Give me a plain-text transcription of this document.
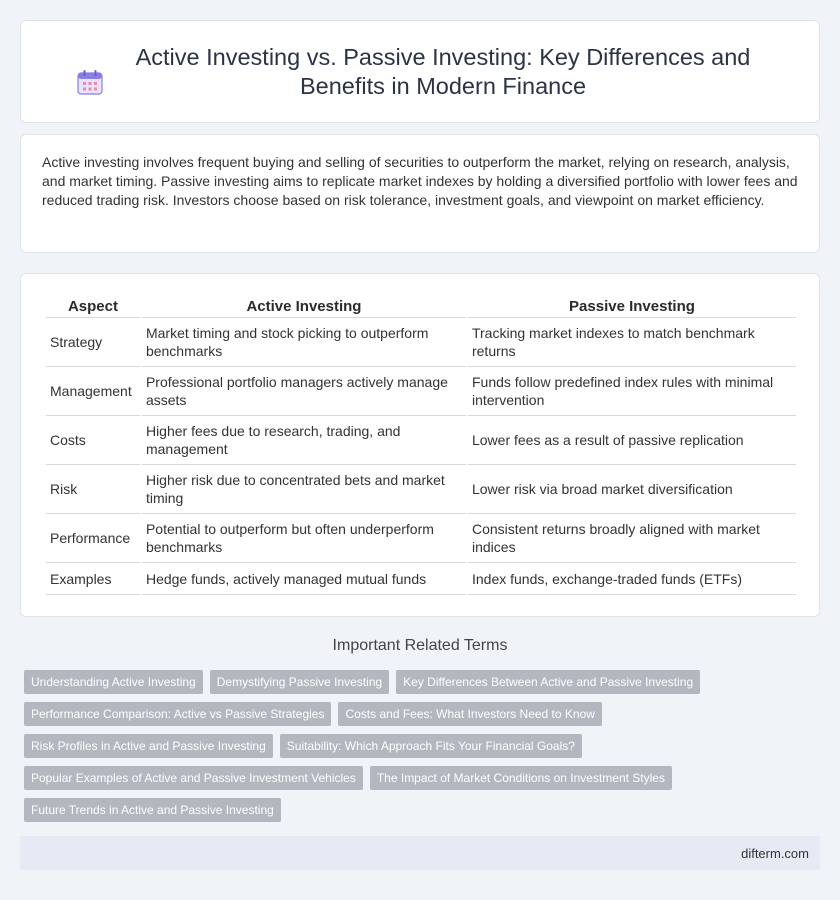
Active Investing vs. Passive Investing: Key Differences and Benefits in Modern Finance

Active investing involves frequent buying and selling of securities to outperform the market, relying on research, analysis, and market timing. Passive investing aims to replicate market indexes by holding a diversified portfolio with lower fees and reduced trading risk. Investors choose based on risk tolerance, investment goals, and viewpoint on market efficiency.

Aspect	Active Investing	Passive Investing
Strategy	Market timing and stock picking to outperform benchmarks	Tracking market indexes to match benchmark returns
Management	Professional portfolio managers actively manage assets	Funds follow predefined index rules with minimal intervention
Costs	Higher fees due to research, trading, and management	Lower fees as a result of passive replication
Risk	Higher risk due to concentrated bets and market timing	Lower risk via broad market diversification
Performance	Potential to outperform but often underperform benchmarks	Consistent returns broadly aligned with market indices
Examples	Hedge funds, actively managed mutual funds	Index funds, exchange-traded funds (ETFs)
Important Related Terms
Understanding Active Investing	Demystifying Passive Investing	Key Differences Between Active and Passive Investing
Performance Comparison: Active vs Passive Strategies	Costs and Fees: What Investors Need to Know
Risk Profiles in Active and Passive Investing	Suitability: Which Approach Fits Your Financial Goals?
Popular Examples of Active and Passive Investment Vehicles	The Impact of Market Conditions on Investment Styles
Future Trends in Active and Passive Investing
difterm.com
